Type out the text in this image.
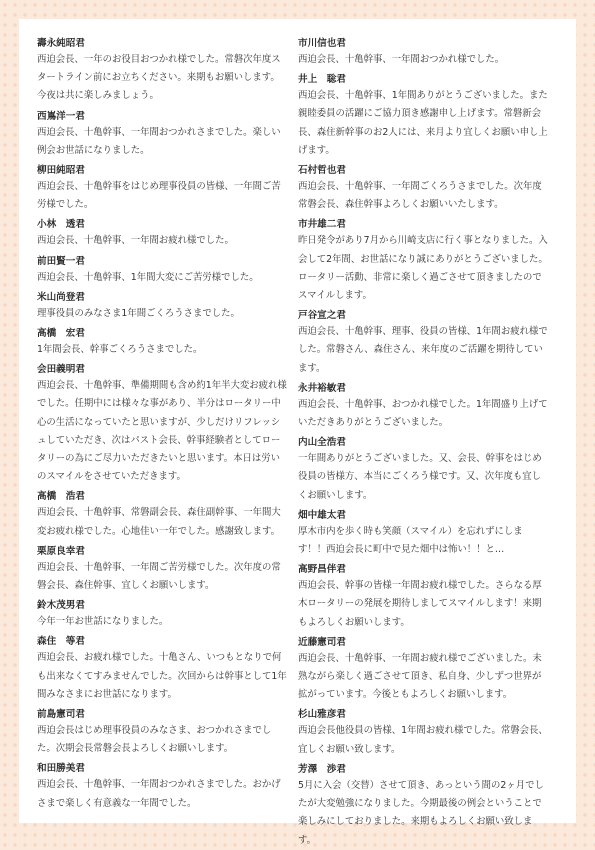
壽永純昭君

西迫会長、一年のお役目おつかれ様でした。常磐次年度スタートライン前にお立ちください。来期もお願いします。今夜は共に楽しみましょう。

西嶌洋一君

西迫会長、十亀幹事、一年間おつかれさまでした。楽しい例会お世話になりました。

柳田純昭君

西迫会長、十亀幹事をはじめ理事役員の皆様、一年間ご苦労様でした。

小林　透君

西迫会長、十亀幹事、一年間お疲れ様でした。

前田賢一君

西迫会長、十亀幹事、1年間大変にご苦労様でした。

米山尚登君

理事役員のみなさま1年間ごくろうさまでした。

高橋　宏君

1年間会長、幹事ごくろうさまでした。

会田義明君

西迫会長、十亀幹事、準備期間も含め約1年半大変お疲れ様でした。任期中には様々な事があり、半分はロータリー中心の生活になっていたと思いますが、少しだけリフレッシュしていただき、次はパスト会長、幹事経験者としてロータリーの為にご尽力いただきたいと思います。本日は労いのスマイルをさせていただきます。

高橋　浩君

西迫会長、十亀幹事、常磐副会長、森住副幹事、一年間大変お疲れ様でした。心地佳い一年でした。感謝致します。

栗原良幸君

西迫会長、十亀幹事、一年間ご苦労様でした。次年度の常磐会長、森住幹事、宜しくお願いします。

鈴木茂男君

今年一年お世話になりました。

森住　等君

西迫会長、お疲れ様でした。十亀さん、いつもとなりで何も出来なくてすみませんでした。次回からは幹事として1年間みなさまにお世話になります。

前島憲司君

西迫会長はじめ理事役員のみなさま、おつかれさまでした。次期会長常磐会長よろしくお願いします。

和田勝美君

西迫会長、十亀幹事、一年間おつかれさまでした。おかげさまで楽しく有意義な一年間でした。

市川信也君

西迫会長、十亀幹事、一年間おつかれ様でした。

井上　聡君

西迫会長、十亀幹事、1年間ありがとうございました。また親睦委員の活躍にご協力頂き感謝申し上げます。常磐新会長、森住新幹事のお2人には、来月より宜しくお願い申し上げます。

石村哲也君

西迫会長、十亀幹事、一年間ごくろうさまでした。次年度常磐会長、森住幹事よろしくお願いいたします。

市井雄二君

昨日発令があり7月から川崎支店に行く事となりました。入会して2年間、お世話になり誠にありがとうございました。ロータリー活動、非常に楽しく過ごさせて頂きましたのでスマイルします。

戸谷宣之君

西迫会長、十亀幹事、理事、役員の皆様、1年間お疲れ様でした。常磐さん、森住さん、来年度のご活躍を期待しています。

永井裕敏君

西迫会長、十亀幹事、おつかれ様でした。1年間盛り上げていただきありがとうございました。

内山全浩君

一年間ありがとうございました。又、会長、幹事をはじめ役員の皆様方、本当にごくろう様です。又、次年度も宜しくお願いします。

畑中雄太君

厚木市内を歩く時も笑顔（スマイル）を忘れずにします！！西迫会長に町中で見た畑中は怖い！！と…

高野昌伴君

西迫会長、幹事の皆様一年間お疲れ様でした。さらなる厚木ロータリーの発展を期待しましてスマイルします！来期もよろしくお願いします。

近藤憲司君

西迫会長、十亀幹事、一年間お疲れ様でございました。未熟ながら楽しく過ごさせて頂き、私自身、少しずつ世界が拡がっています。今後ともよろしくお願いします。

杉山雅彦君

西迫会長他役員の皆様、1年間お疲れ様でした。常磐会長、宜しくお願い致します。

芳澤　渉君

5月に入会（交替）させて頂き、あっという間の2ヶ月でしたが大変勉強になりました。今期最後の例会ということで楽しみにしておりました。来期もよろしくお願い致します。
